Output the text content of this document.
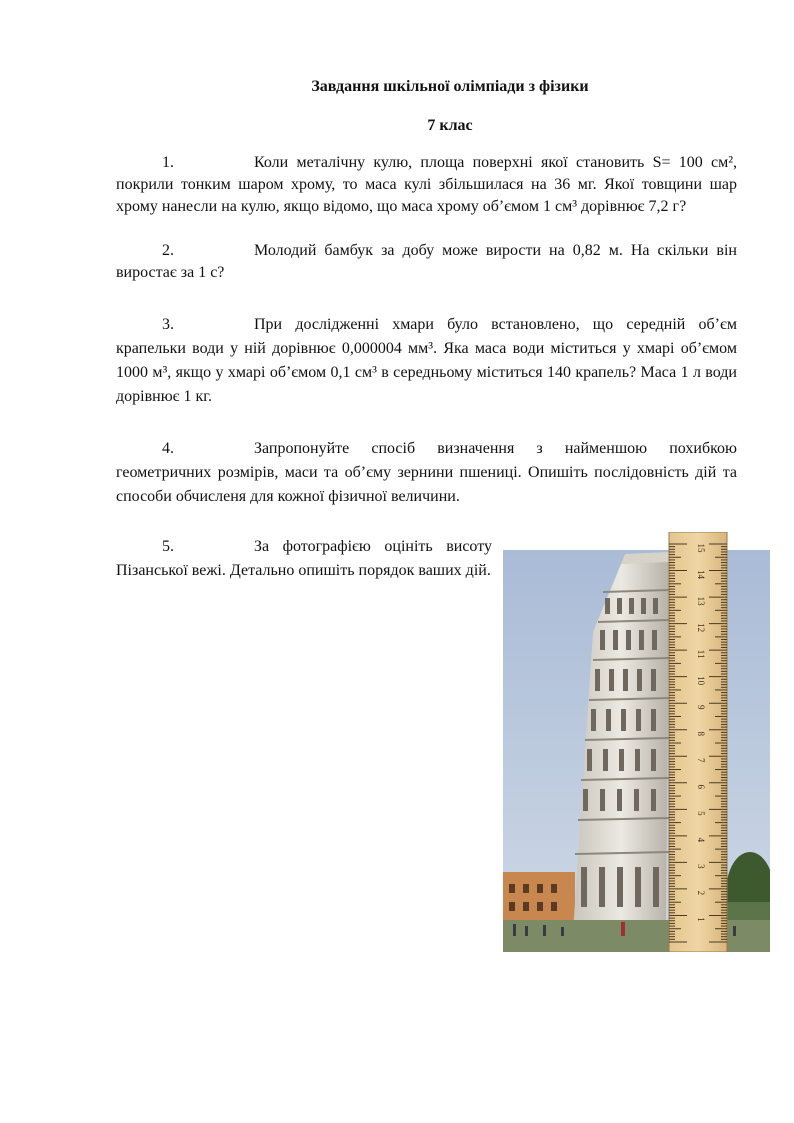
Завдання шкільної олімпіади з фізики
7 клас

1.	Коли металічну кулю, площа поверхні якої становить S= 100 см², покрили тонким шаром хрому, то маса кулі збільшилася на 36 мг. Якої товщини шар хрому нанесли на кулю, якщо відомо, що маса хрому об’ємом 1 см³ дорівнює 7,2 г?

2.	Молодий бамбук за добу може вирости на 0,82 м. На скільки він виростає за 1 с?

3.	При дослідженні хмари було встановлено, що середній об’єм крапельки води у ній дорівнює 0,000004 мм³. Яка маса води міститься у хмарі об’ємом 1000 м³, якщо у хмарі об’ємом 0,1 см³ в середньому міститься 140 крапель? Маса 1 л води дорівнює 1 кг.

4.	Запропонуйте спосіб визначення з найменшою похибкою геометричних розмірів, маси та об’єму зернини пшениці. Опишіть послідовність дій та способи обчисленя для кожної фізичної величини.

5.	За фотографією оцініть висоту Пізанської вежі. Детально опишіть порядок ваших дій.

15
14
13
12
11
10
9
8
7
6
5
4
3
2
1
